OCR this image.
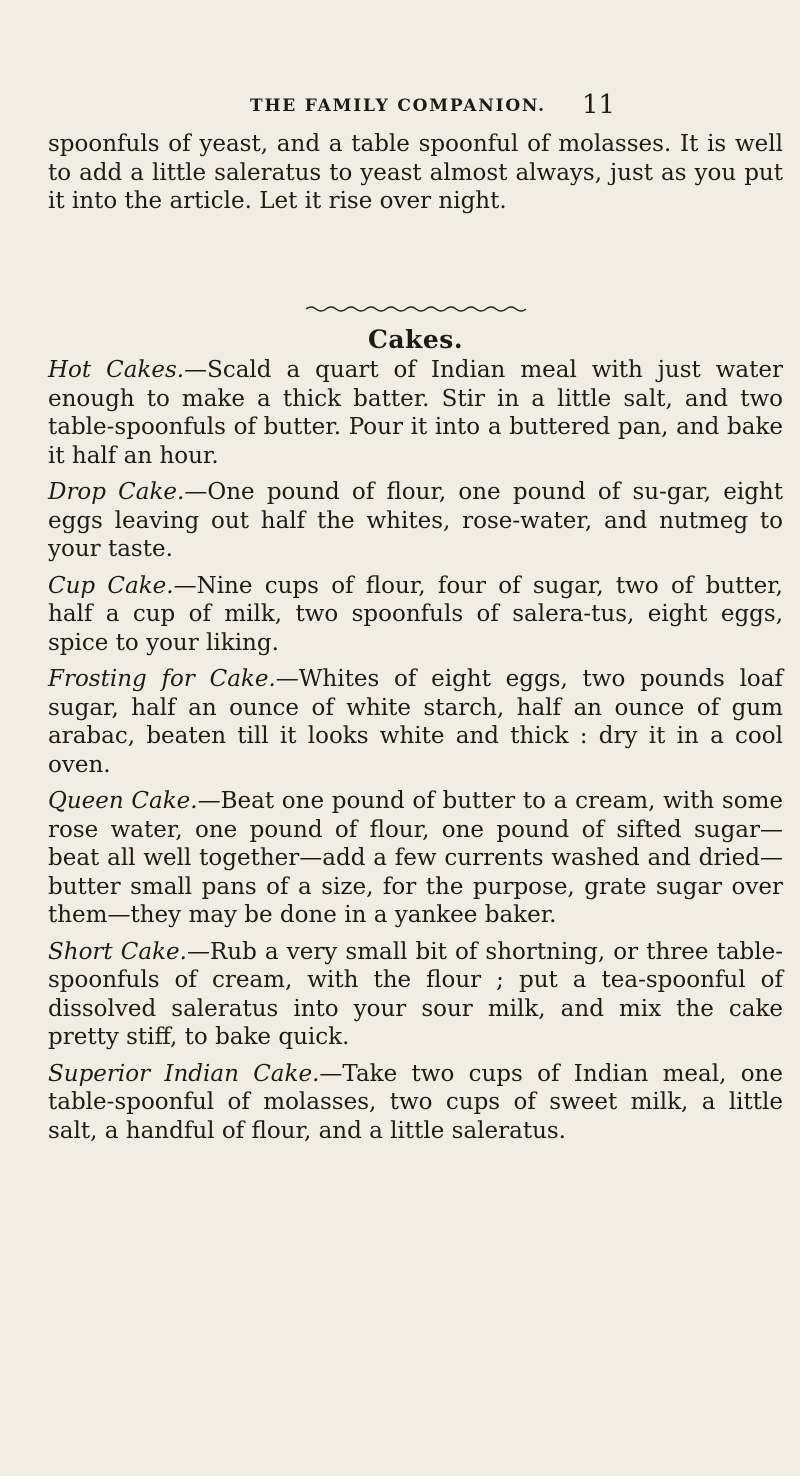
THE FAMILY COMPANION. 11

spoonfuls of yeast, and a table spoonful of molasses. It is well to add a little saleratus to yeast almost always, just as you put it into the article. Let it rise over night.

Cakes.

Hot Cakes.—Scald a quart of Indian meal with just water enough to make a thick batter. Stir in a little salt, and two table-spoonfuls of butter. Pour it into a buttered pan, and bake it half an hour.

Drop Cake.—One pound of flour, one pound of su-gar, eight eggs leaving out half the whites, rose-water, and nutmeg to your taste.

Cup Cake.—Nine cups of flour, four of sugar, two of butter, half a cup of milk, two spoonfuls of salera-tus, eight eggs, spice to your liking.

Frosting for Cake.—Whites of eight eggs, two pounds loaf sugar, half an ounce of white starch, half an ounce of gum arabac, beaten till it looks white and thick : dry it in a cool oven.

Queen Cake.—Beat one pound of butter to a cream, with some rose water, one pound of flour, one pound of sifted sugar—beat all well together—add a few currents washed and dried—butter small pans of a size, for the purpose, grate sugar over them—they may be done in a yankee baker.

Short Cake.—Rub a very small bit of shortning, or three table-spoonfuls of cream, with the flour ; put a tea-spoonful of dissolved saleratus into your sour milk, and mix the cake pretty stiff, to bake quick.

Superior Indian Cake.—Take two cups of Indian meal, one table-spoonful of molasses, two cups of sweet milk, a little salt, a handful of flour, and a little saleratus.
